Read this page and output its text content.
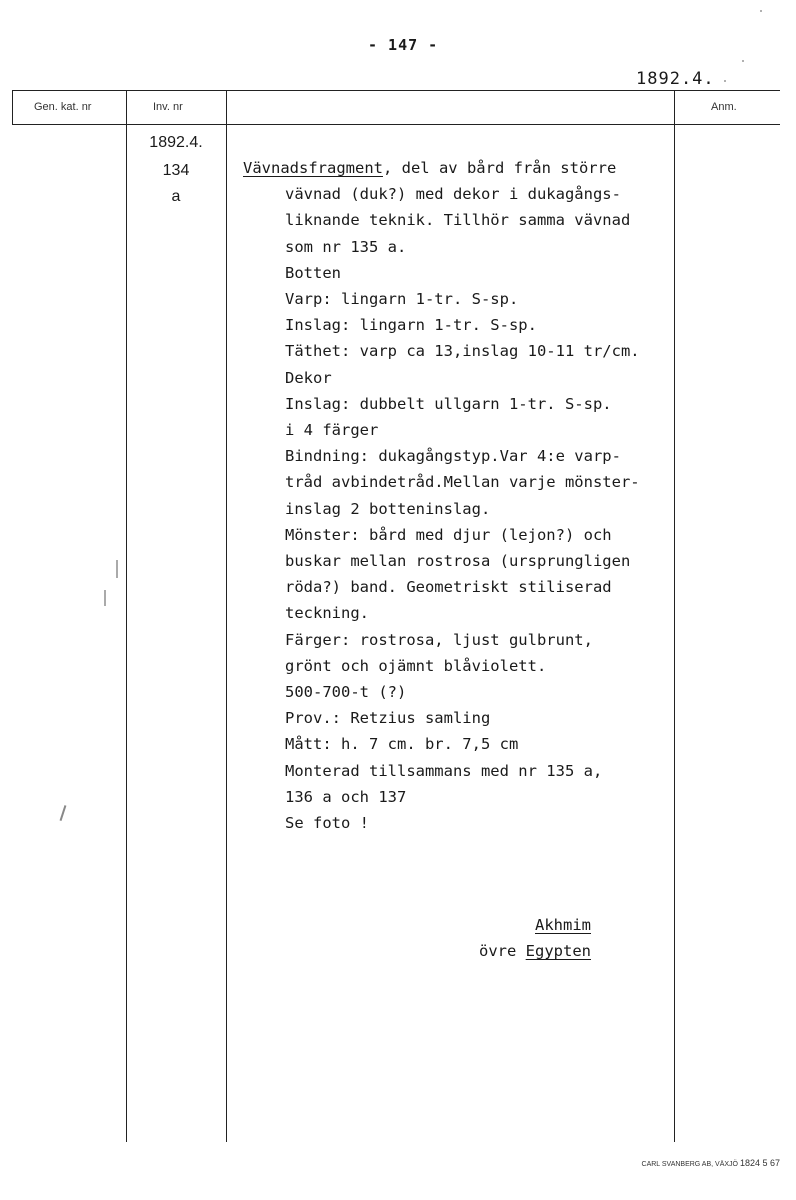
- 147 -
1892.4.
Gen. kat. nr	Inv. nr	Anm.
1892.4.
134
a
Vävnadsfragment, del av bård från större
vävnad (duk?) med dekor i dukagångs-
liknande teknik. Tillhör samma vävnad
som nr 135 a.
Botten
Varp: lingarn 1-tr. S-sp.
Inslag: lingarn 1-tr. S-sp.
Täthet: varp ca 13,inslag 10-11 tr/cm.
Dekor
Inslag: dubbelt ullgarn 1-tr. S-sp.
i 4 färger
Bindning: dukagångstyp.Var 4:e varp-
tråd avbindetråd.Mellan varje mönster-
inslag 2 botteninslag.
Mönster: bård med djur (lejon?) och
buskar mellan rostrosa (ursprungligen
röda?) band. Geometriskt stiliserad
teckning.
Färger: rostrosa, ljust gulbrunt,
grönt och ojämnt blåviolett.
500-700-t (?)
Prov.: Retzius samling
Mått: h. 7 cm. br. 7,5 cm
Monterad tillsammans med nr 135 a,
136 a och 137
Se foto !
Akhmim
övre Egypten
CARL SVANBERG AB, VÄXJÖ 1824 5 67
